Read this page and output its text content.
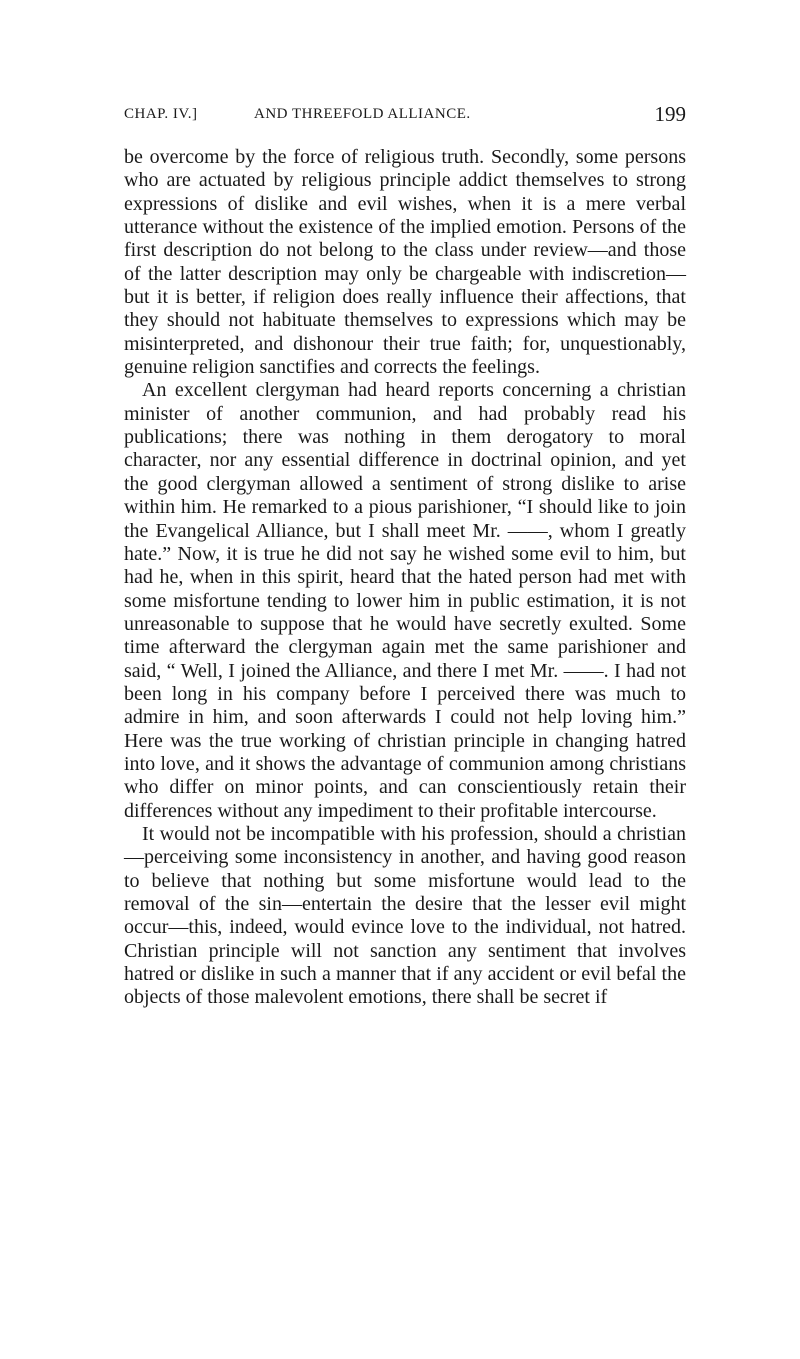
CHAP. IV.]	AND THREEFOLD ALLIANCE.	199

be overcome by the force of religious truth. Secondly, some persons who are actuated by religious principle addict themselves to strong expressions of dislike and evil wishes, when it is a mere verbal utterance without the existence of the implied emotion. Persons of the first description do not belong to the class under review—and those of the latter description may only be chargeable with indiscretion—but it is better, if religion does really influence their affections, that they should not habituate themselves to expressions which may be misinterpreted, and dishonour their true faith; for, unquestionably, genuine religion sanctifies and corrects the feelings.

An excellent clergyman had heard reports concerning a christian minister of another communion, and had probably read his publications; there was nothing in them derogatory to moral character, nor any essential difference in doctrinal opinion, and yet the good clergyman allowed a sentiment of strong dislike to arise within him. He remarked to a pious parishioner, “I should like to join the Evangelical Alliance, but I shall meet Mr. ——, whom I greatly hate.” Now, it is true he did not say he wished some evil to him, but had he, when in this spirit, heard that the hated person had met with some misfortune tending to lower him in public estimation, it is not unreasonable to suppose that he would have secretly exulted. Some time afterward the clergyman again met the same parishioner and said, “ Well, I joined the Alliance, and there I met Mr. ——. I had not been long in his company before I perceived there was much to admire in him, and soon afterwards I could not help loving him.” Here was the true working of christian principle in changing hatred into love, and it shows the advantage of communion among christians who differ on minor points, and can conscientiously retain their differences without any impediment to their profitable intercourse.

It would not be incompatible with his profession, should a christian—perceiving some inconsistency in another, and having good reason to believe that nothing but some misfortune would lead to the removal of the sin—entertain the desire that the lesser evil might occur—this, indeed, would evince love to the individual, not hatred. Christian principle will not sanction any sentiment that involves hatred or dislike in such a manner that if any accident or evil befal the objects of those malevolent emotions, there shall be secret if
